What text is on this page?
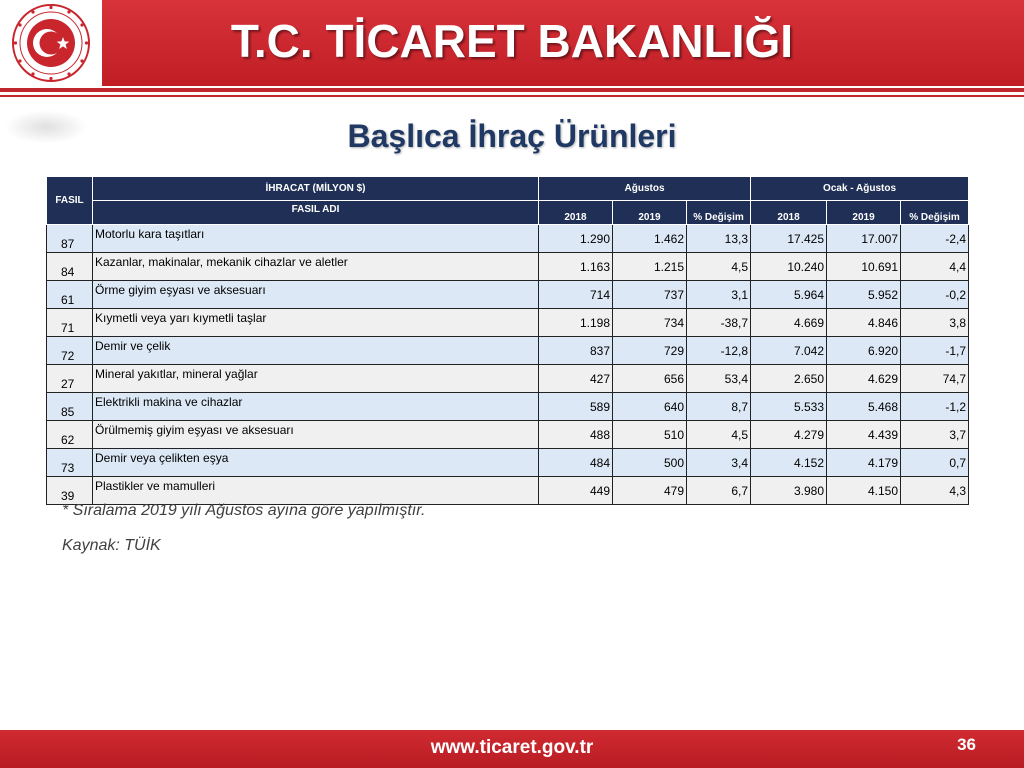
T.C. TİCARET BAKANLIĞI
Başlıca İhraç Ürünleri
FASIL	İHRACAT (MİLYON $)	Ağustos			Ocak - Ağustos		
	FASIL ADI	2018	2019	% Değişim	2018	2019	% Değişim
87	Motorlu kara taşıtları	1.290	1.462	13,3	17.425	17.007	-2,4
84	Kazanlar, makinalar, mekanik cihazlar ve aletler	1.163	1.215	4,5	10.240	10.691	4,4
61	Örme giyim eşyası ve aksesuarı	714	737	3,1	5.964	5.952	-0,2
71	Kıymetli veya yarı kıymetli taşlar	1.198	734	-38,7	4.669	4.846	3,8
72	Demir ve çelik	837	729	-12,8	7.042	6.920	-1,7
27	Mineral yakıtlar, mineral yağlar	427	656	53,4	2.650	4.629	74,7
85	Elektrikli makina ve cihazlar	589	640	8,7	5.533	5.468	-1,2
62	Örülmemiş giyim eşyası ve aksesuarı	488	510	4,5	4.279	4.439	3,7
73	Demir veya çelikten eşya	484	500	3,4	4.152	4.179	0,7
39	Plastikler ve mamulleri	449	479	6,7	3.980	4.150	4,3
* Sıralama 2019 yılı Ağustos ayına göre yapılmıştır.
Kaynak: TÜİK
www.ticaret.gov.tr	36
